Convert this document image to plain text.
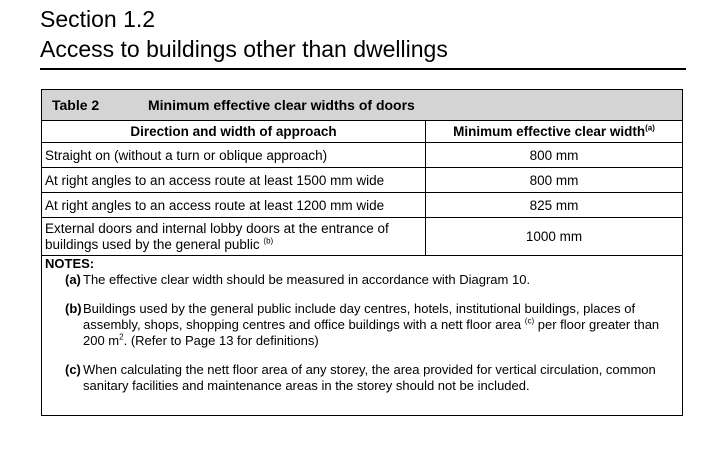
Section 1.2
Access to buildings other than dwellings
Table 2	Minimum effective clear widths of doors
Direction and width of approach	Minimum effective clear width$^{(a)}$
Straight on (without a turn or oblique approach)	800 mm
At right angles to an access route at least 1500 mm wide	800 mm
At right angles to an access route at least 1200 mm wide	825 mm
External doors and internal lobby doors at the entrance of buildings used by the general public $^{(b)}$	1000 mm
NOTES:
(a) The effective clear width should be measured in accordance with Diagram 10.
(b) Buildings used by the general public include day centres, hotels, institutional buildings, places of assembly, shops, shopping centres and office buildings with a nett floor area $^{(c)}$ per floor greater than 200 $m^2$. (Refer to Page 13 for definitions)
(c) When calculating the nett floor area of any storey, the area provided for vertical circulation, common sanitary facilities and maintenance areas in the storey should not be included.
